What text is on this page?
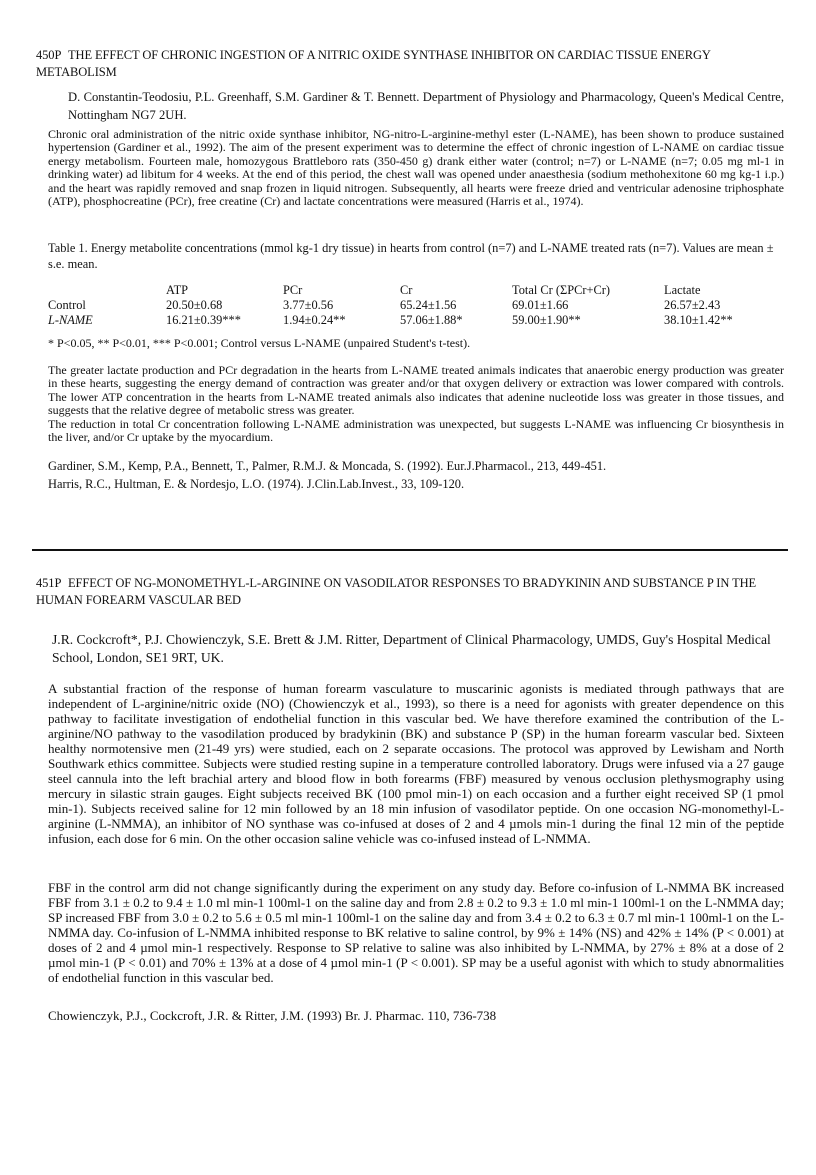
450P THE EFFECT OF CHRONIC INGESTION OF A NITRIC OXIDE SYNTHASE INHIBITOR ON CARDIAC TISSUE ENERGY METABOLISM
D. Constantin-Teodosiu, P.L. Greenhaff, S.M. Gardiner & T. Bennett. Department of Physiology and Pharmacology, Queen's Medical Centre, Nottingham NG7 2UH.
Chronic oral administration of the nitric oxide synthase inhibitor, NG-nitro-L-arginine-methyl ester (L-NAME), has been shown to produce sustained hypertension (Gardiner et al., 1992). The aim of the present experiment was to determine the effect of chronic ingestion of L-NAME on cardiac tissue energy metabolism. Fourteen male, homozygous Brattleboro rats (350-450 g) drank either water (control; n=7) or L-NAME (n=7; 0.05 mg ml-1 in drinking water) ad libitum for 4 weeks. At the end of this period, the chest wall was opened under anaesthesia (sodium methohexitone 60 mg kg-1 i.p.) and the heart was rapidly removed and snap frozen in liquid nitrogen. Subsequently, all hearts were freeze dried and ventricular adenosine triphosphate (ATP), phosphocreatine (PCr), free creatine (Cr) and lactate concentrations were measured (Harris et al., 1974).
Table 1. Energy metabolite concentrations (mmol kg-1 dry tissue) in hearts from control (n=7) and L-NAME treated rats (n=7). Values are mean ± s.e. mean.
	ATP	PCr	Cr	Total Cr (ΣPCr+Cr)	Lactate
Control	20.50±0.68	3.77±0.56	65.24±1.56	69.01±1.66	26.57±2.43
L-NAME	16.21±0.39***	1.94±0.24**	57.06±1.88*	59.00±1.90**	38.10±1.42**
* P<0.05, ** P<0.01, *** P<0.001; Control versus L-NAME (unpaired Student's t-test).
The greater lactate production and PCr degradation in the hearts from L-NAME treated animals indicates that anaerobic energy production was greater in these hearts, suggesting the energy demand of contraction was greater and/or that oxygen delivery or extraction was lower compared with controls. The lower ATP concentration in the hearts from L-NAME treated animals also indicates that adenine nucleotide loss was greater in those tissues, and suggests that the relative degree of metabolic stress was greater.
The reduction in total Cr concentration following L-NAME administration was unexpected, but suggests L-NAME was influencing Cr biosynthesis in the liver, and/or Cr uptake by the myocardium.
Gardiner, S.M., Kemp, P.A., Bennett, T., Palmer, R.M.J. & Moncada, S. (1992). Eur.J.Pharmacol., 213, 449-451.
Harris, R.C., Hultman, E. & Nordesjo, L.O. (1974). J.Clin.Lab.Invest., 33, 109-120.
451P EFFECT OF NG-MONOMETHYL-L-ARGININE ON VASODILATOR RESPONSES TO BRADYKININ AND SUBSTANCE P IN THE HUMAN FOREARM VASCULAR BED
J.R. Cockcroft*, P.J. Chowienczyk, S.E. Brett & J.M. Ritter, Department of Clinical Pharmacology, UMDS, Guy's Hospital Medical School, London, SE1 9RT, UK.
A substantial fraction of the response of human forearm vasculature to muscarinic agonists is mediated through pathways that are independent of L-arginine/nitric oxide (NO) (Chowienczyk et al., 1993), so there is a need for agonists with greater dependence on this pathway to facilitate investigation of endothelial function in this vascular bed. We have therefore examined the contribution of the L-arginine/NO pathway to the vasodilation produced by bradykinin (BK) and substance P (SP) in the human forearm vascular bed. Sixteen healthy normotensive men (21-49 yrs) were studied, each on 2 separate occasions. The protocol was approved by Lewisham and North Southwark ethics committee. Subjects were studied resting supine in a temperature controlled laboratory. Drugs were infused via a 27 gauge steel cannula into the left brachial artery and blood flow in both forearms (FBF) measured by venous occlusion plethysmography using mercury in silastic strain gauges. Eight subjects received BK (100 pmol min-1) on each occasion and a further eight received SP (1 pmol min-1). Subjects received saline for 12 min followed by an 18 min infusion of vasodilator peptide. On one occasion NG-monomethyl-L-arginine (L-NMMA), an inhibitor of NO synthase was co-infused at doses of 2 and 4 µmols min-1 during the final 12 min of the peptide infusion, each dose for 6 min. On the other occasion saline vehicle was co-infused instead of L-NMMA.
FBF in the control arm did not change significantly during the experiment on any study day. Before co-infusion of L-NMMA BK increased FBF from 3.1 ± 0.2 to 9.4 ± 1.0 ml min-1 100ml-1 on the saline day and from 2.8 ± 0.2 to 9.3 ± 1.0 ml min-1 100ml-1 on the L-NMMA day; SP increased FBF from 3.0 ± 0.2 to 5.6 ± 0.5 ml min-1 100ml-1 on the saline day and from 3.4 ± 0.2 to 6.3 ± 0.7 ml min-1 100ml-1 on the L-NMMA day. Co-infusion of L-NMMA inhibited response to BK relative to saline control, by 9% ± 14% (NS) and 42% ± 14% (P < 0.001) at doses of 2 and 4 µmol min-1 respectively. Response to SP relative to saline was also inhibited by L-NMMA, by 27% ± 8% at a dose of 2 µmol min-1 (P < 0.01) and 70% ± 13% at a dose of 4 µmol min-1 (P < 0.001). SP may be a useful agonist with which to study abnormalities of endothelial function in this vascular bed.
Chowienczyk, P.J., Cockcroft, J.R. & Ritter, J.M. (1993) Br. J. Pharmac. 110, 736-738
